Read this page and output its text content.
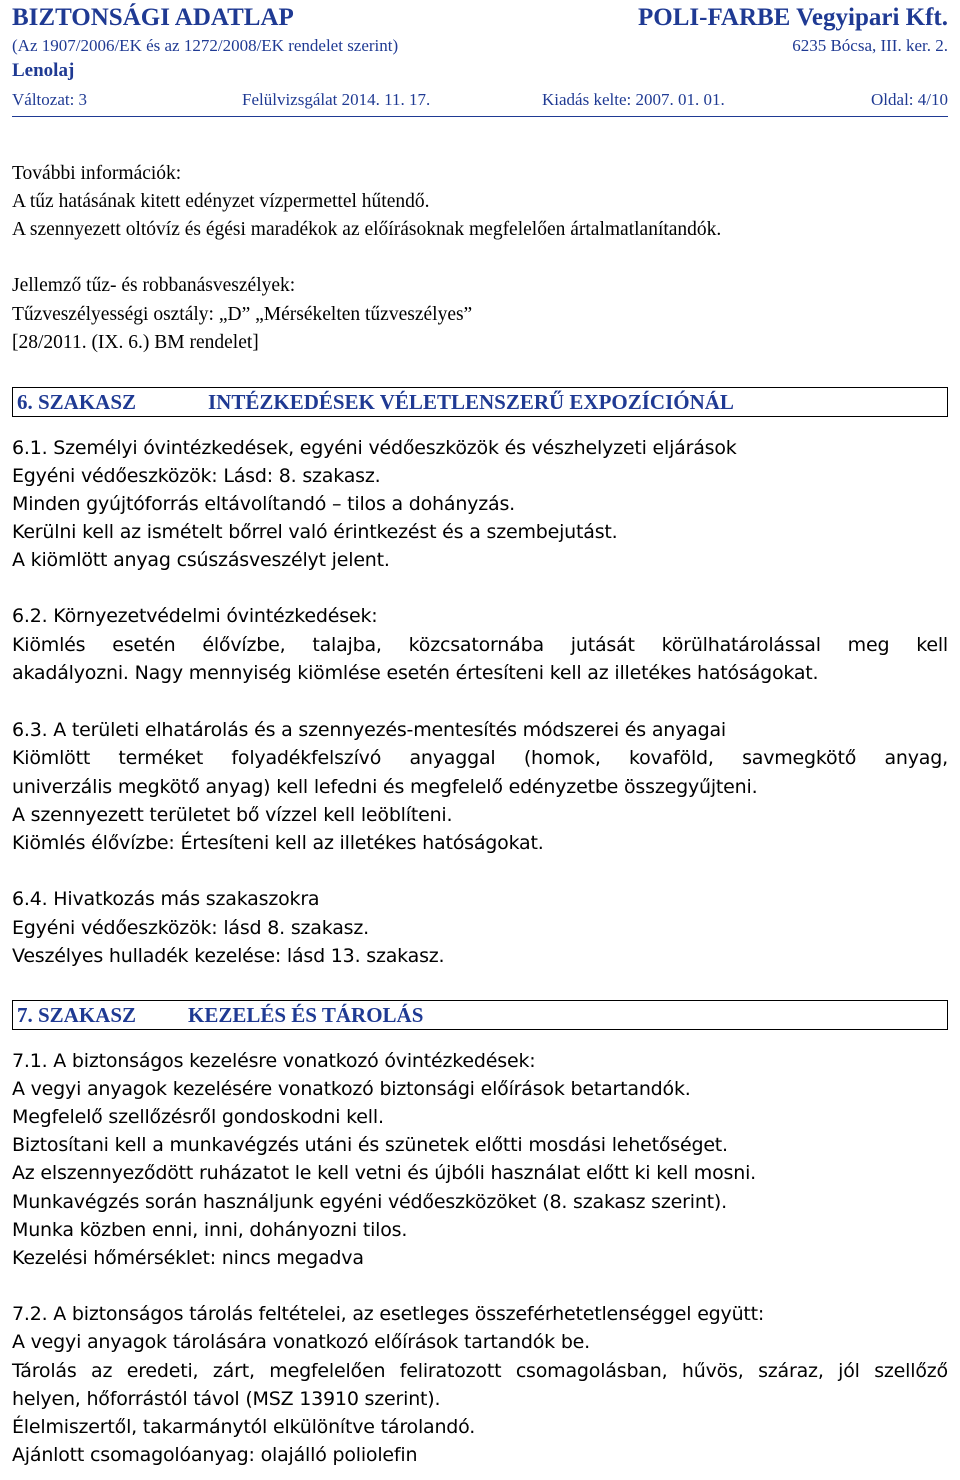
BIZTONSÁGI ADATLAP	POLI-FARBE Vegyipari Kft.
(Az 1907/2006/EK és az 1272/2008/EK rendelet szerint)	6235 Bócsa, III. ker. 2.
Lenolaj
Változat: 3	Felülvizsgálat 2014. 11. 17.	Kiadás kelte: 2007. 01. 01.	Oldal: 4/10
További információk:
A tűz hatásának kitett edényzet vízpermettel hűtendő.
A szennyezett oltóvíz és égési maradékok az előírásoknak megfelelően ártalmatlanítandók.
Jellemző tűz- és robbanásveszélyek:
Tűzveszélyességi osztály: „D” „Mérsékelten tűzveszélyes”
[28/2011. (IX. 6.) BM rendelet]
6. SZAKASZ	INTÉZKEDÉSEK VÉLETLENSZERŰ EXPOZÍCIÓNÁL
6.1. Személyi óvintézkedések, egyéni védőeszközök és vészhelyzeti eljárások
Egyéni védőeszközök: Lásd: 8. szakasz.
Minden gyújtóforrás eltávolítandó – tilos a dohányzás.
Kerülni kell az ismételt bőrrel való érintkezést és a szembejutást.
A kiömlött anyag csúszásveszélyt jelent.
6.2. Környezetvédelmi óvintézkedések:
Kiömlés esetén élővízbe, talajba, közcsatornába jutását körülhatárolással meg kell
akadályozni. Nagy mennyiség kiömlése esetén értesíteni kell az illetékes hatóságokat.
6.3. A területi elhatárolás és a szennyezés-mentesítés módszerei és anyagai
Kiömlött terméket folyadékfelszívó anyaggal (homok, kovaföld, savmegkötő anyag,
univerzális megkötő anyag) kell lefedni és megfelelő edényzetbe összegyűjteni.
A szennyezett területet bő vízzel kell leöblíteni.
Kiömlés élővízbe: Értesíteni kell az illetékes hatóságokat.
6.4. Hivatkozás más szakaszokra
Egyéni védőeszközök: lásd 8. szakasz.
Veszélyes hulladék kezelése: lásd 13. szakasz.
7. SZAKASZ KEZELÉS ÉS TÁROLÁS
7.1. A biztonságos kezelésre vonatkozó óvintézkedések:
A vegyi anyagok kezelésére vonatkozó biztonsági előírások betartandók.
Megfelelő szellőzésről gondoskodni kell.
Biztosítani kell a munkavégzés utáni és szünetek előtti mosdási lehetőséget.
Az elszennyeződött ruházatot le kell vetni és újbóli használat előtt ki kell mosni.
Munkavégzés során használjunk egyéni védőeszközöket (8. szakasz szerint).
Munka közben enni, inni, dohányozni tilos.
Kezelési hőmérséklet: nincs megadva
7.2. A biztonságos tárolás feltételei, az esetleges összeférhetetlenséggel együtt:
A vegyi anyagok tárolására vonatkozó előírások tartandók be.
Tárolás az eredeti, zárt, megfelelően feliratozott csomagolásban, hűvös, száraz, jól szellőző
helyen, hőforrástól távol (MSZ 13910 szerint).
Élelmiszertől, takarmánytól elkülönítve tárolandó.
Ajánlott csomagolóanyag: olajálló poliolefin
